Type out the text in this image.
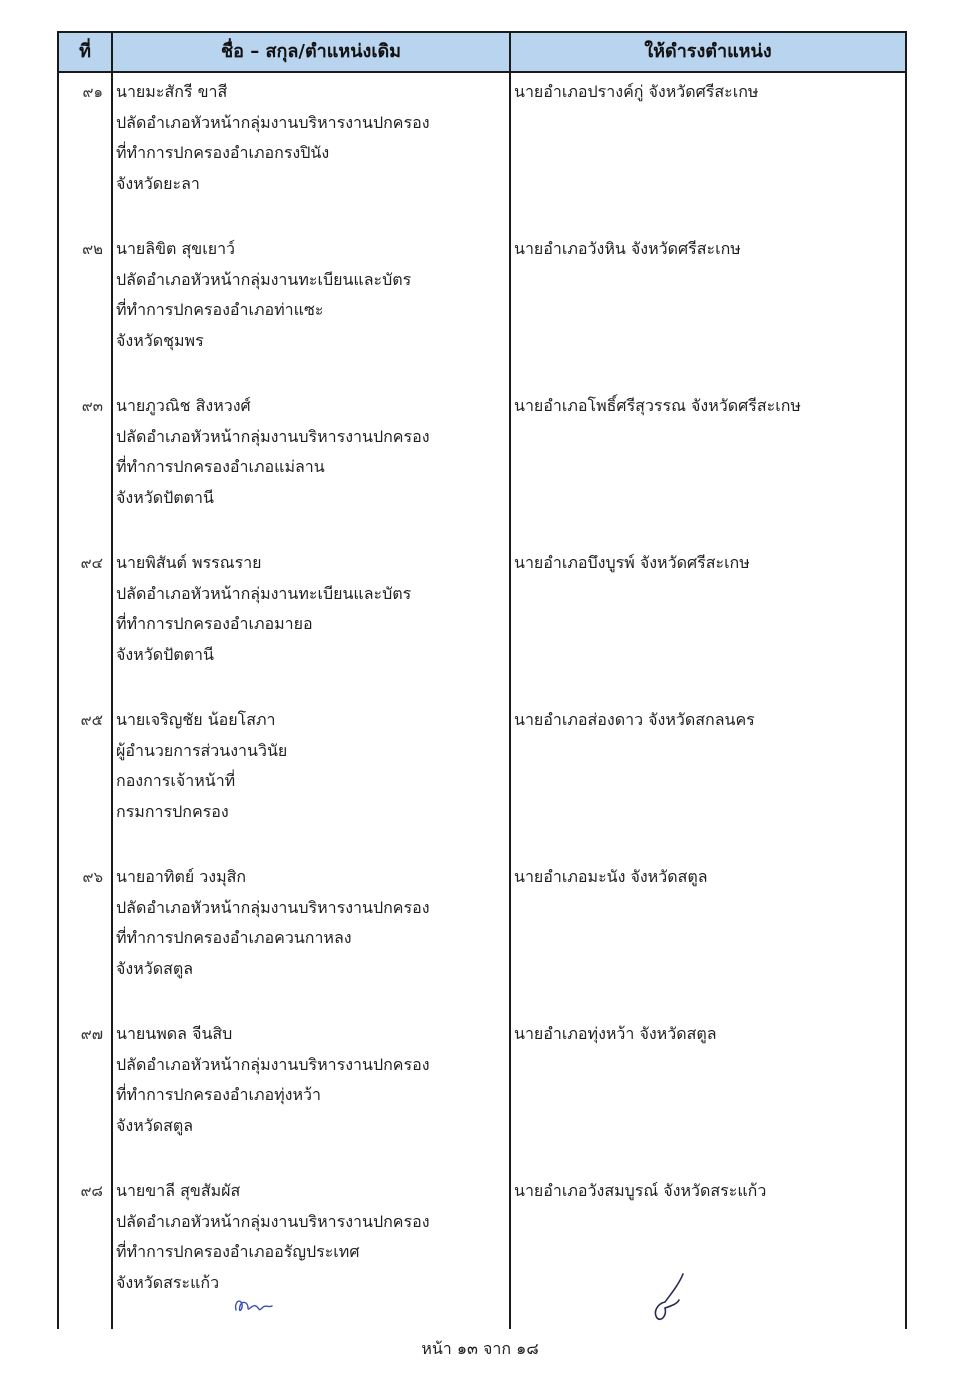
ที่	ชื่อ – สกุล/ตำแหน่งเดิม	ให้ดำรงตำแหน่ง
๙๑ นายมะสักรี ขาสี
ปลัดอำเภอหัวหน้ากลุ่มงานบริหารงานปกครอง
ที่ทำการปกครองอำเภอกรงปินัง
จังหวัดยะลา
นายอำเภอปรางค์กู่ จังหวัดศรีสะเกษ
๙๒ นายลิขิต สุขเยาว์
ปลัดอำเภอหัวหน้ากลุ่มงานทะเบียนและบัตร
ที่ทำการปกครองอำเภอท่าแซะ
จังหวัดชุมพร
นายอำเภอวังหิน จังหวัดศรีสะเกษ
๙๓ นายภูวณิช สิงหวงศ์
ปลัดอำเภอหัวหน้ากลุ่มงานบริหารงานปกครอง
ที่ทำการปกครองอำเภอแม่ลาน
จังหวัดปัตตานี
นายอำเภอโพธิ์ศรีสุวรรณ จังหวัดศรีสะเกษ
๙๔ นายพิสันต์ พรรณราย
ปลัดอำเภอหัวหน้ากลุ่มงานทะเบียนและบัตร
ที่ทำการปกครองอำเภอมายอ
จังหวัดปัตตานี
นายอำเภอบึงบูรพ์ จังหวัดศรีสะเกษ
๙๕ นายเจริญชัย น้อยโสภา
ผู้อำนวยการส่วนงานวินัย
กองการเจ้าหน้าที่
กรมการปกครอง
นายอำเภอส่องดาว จังหวัดสกลนคร
๙๖ นายอาทิตย์ วงมุสิก
ปลัดอำเภอหัวหน้ากลุ่มงานบริหารงานปกครอง
ที่ทำการปกครองอำเภอควนกาหลง
จังหวัดสตูล
นายอำเภอมะนัง จังหวัดสตูล
๙๗ นายนพดล จีนสิบ
ปลัดอำเภอหัวหน้ากลุ่มงานบริหารงานปกครอง
ที่ทำการปกครองอำเภอทุ่งหว้า
จังหวัดสตูล
นายอำเภอทุ่งหว้า จังหวัดสตูล
๙๘ นายขาลี สุขสัมผัส
ปลัดอำเภอหัวหน้ากลุ่มงานบริหารงานปกครอง
ที่ทำการปกครองอำเภออรัญประเทศ
จังหวัดสระแก้ว
นายอำเภอวังสมบูรณ์ จังหวัดสระแก้ว
หน้า ๑๓ จาก ๑๘
